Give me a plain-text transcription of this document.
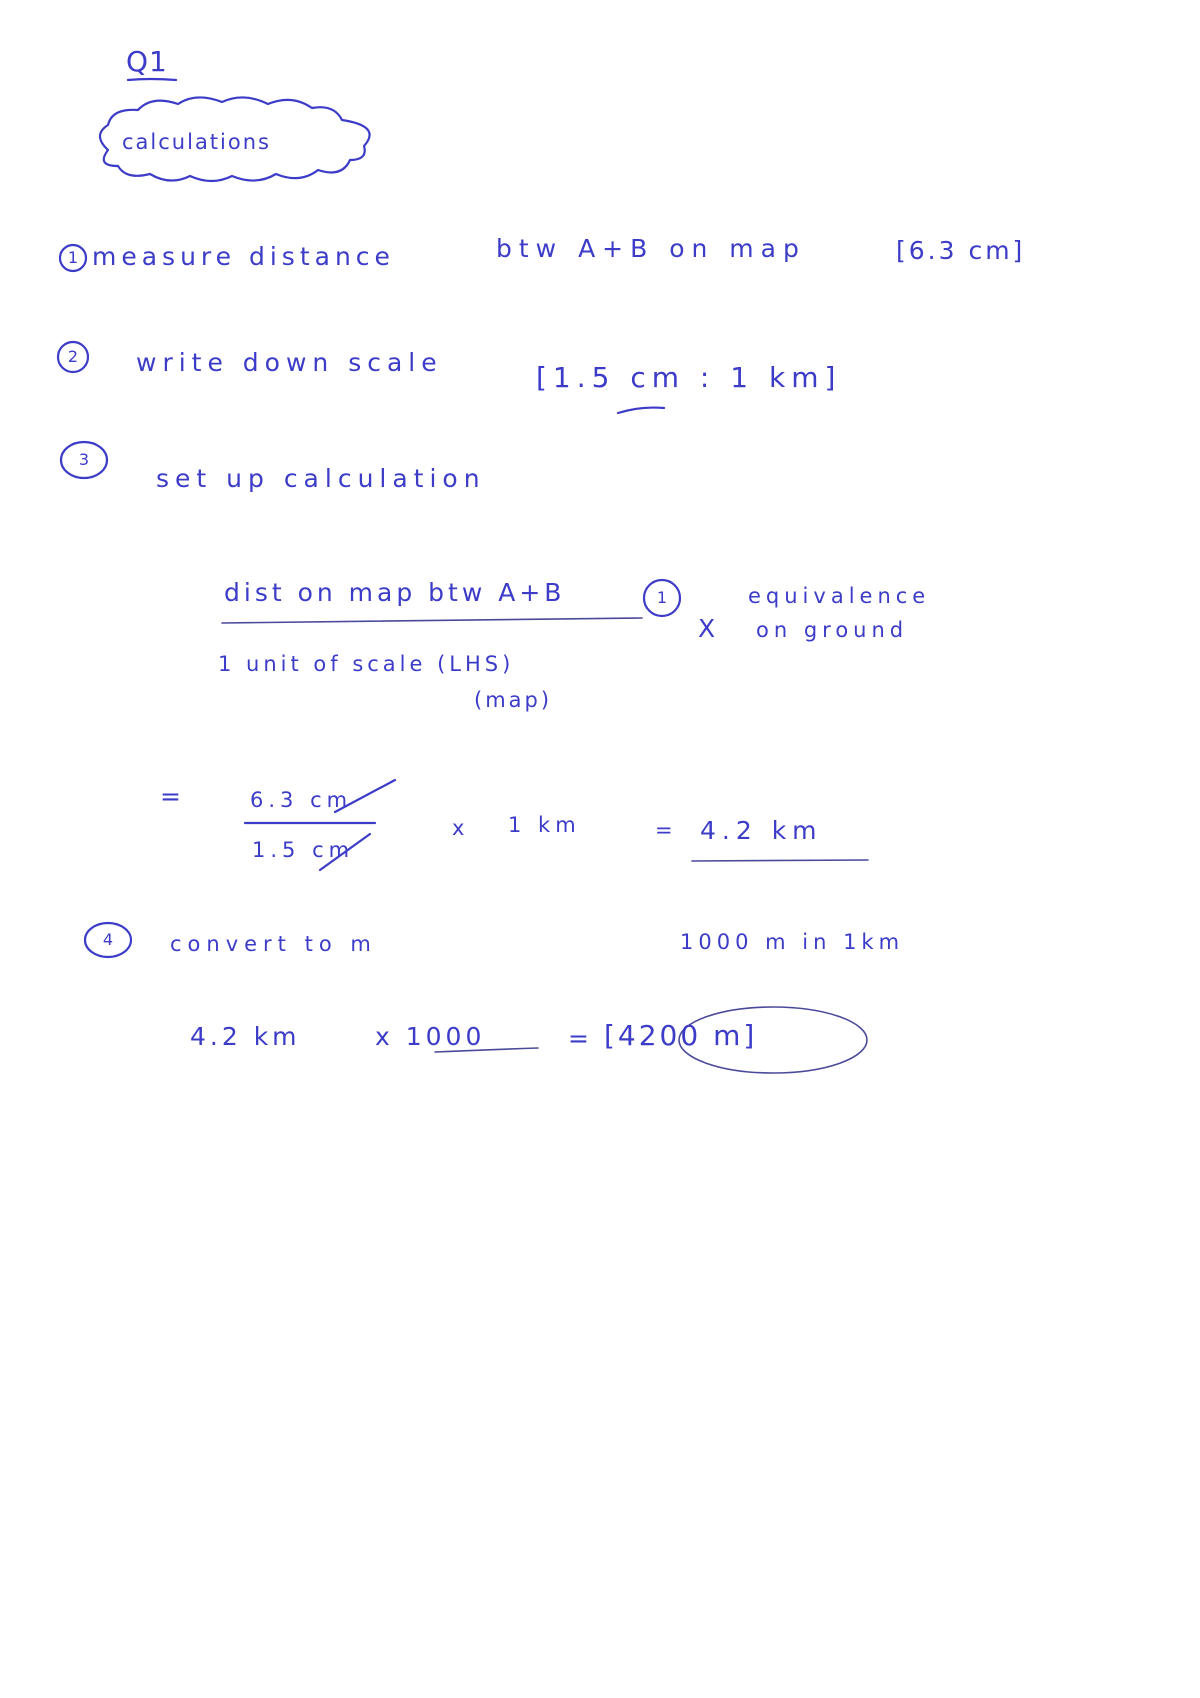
Q1
calculations
1 measure distance	btw A+B on map	[6.3 cm]
2 write down scale	[1.5 cm : 1 km]
3
set up calculation
dist on map btw A+B	1
X
equivalence
on ground
1 unit of scale (LHS)
(map)
=	6.3 cm
1.5 cm
x 1 km	= 4.2 km
4	convert to m	1000 m in 1km
4.2 km	x 1000	= [4200 m]
